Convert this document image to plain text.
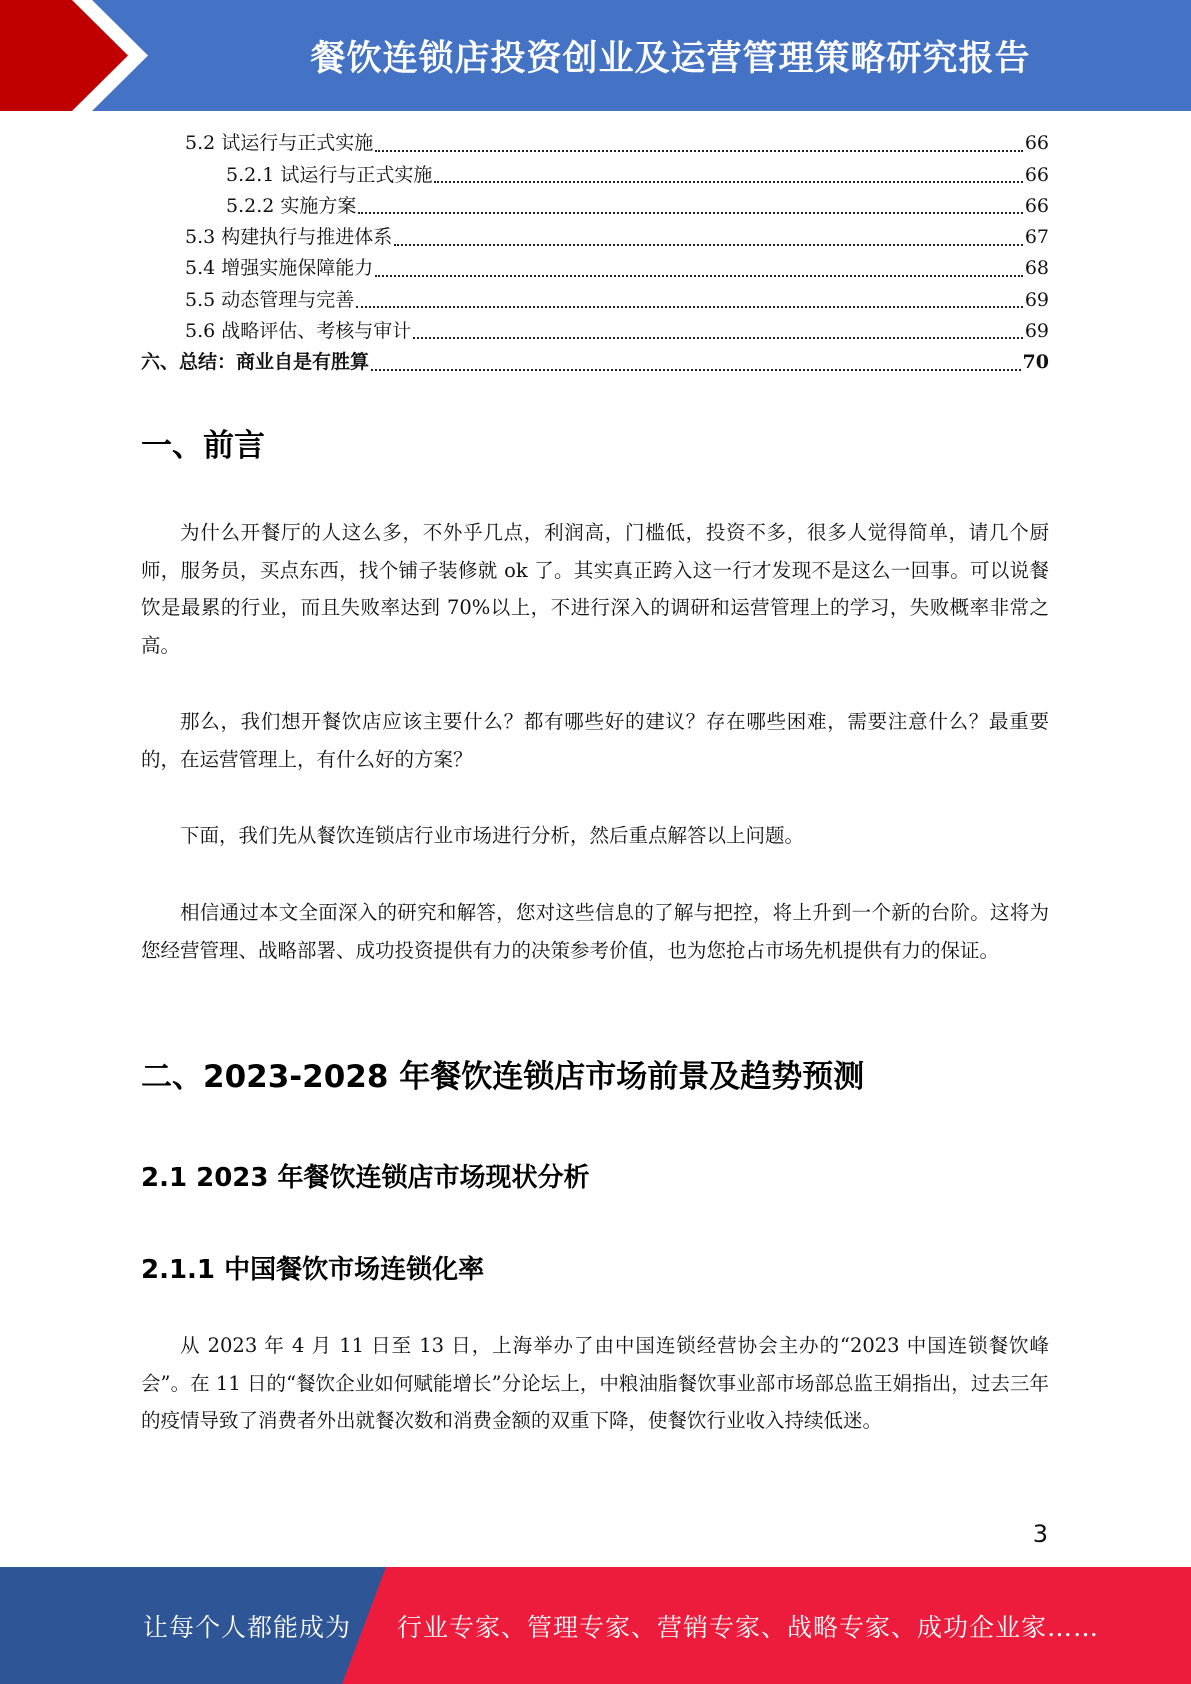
餐饮连锁店投资创业及运营管理策略研究报告
5.2 试运行与正式实施	66
5.2.1 试运行与正式实施	66
5.2.2 实施方案	66
5.3 构建执行与推进体系	67
5.4 增强实施保障能力	68
5.5 动态管理与完善	69
5.6 战略评估、考核与审计	69
六、总结：商业自是有胜算	70
一、前言
为什么开餐厅的人这么多，不外乎几点，利润高，门槛低，投资不多，很多人觉得简单，请几个厨师，服务员，买点东西，找个铺子装修就 ok 了。其实真正跨入这一行才发现不是这么一回事。可以说餐饮是最累的行业，而且失败率达到 70%以上，不进行深入的调研和运营管理上的学习，失败概率非常之高。
那么，我们想开餐饮店应该主要什么？都有哪些好的建议？存在哪些困难，需要注意什么？最重要的，在运营管理上，有什么好的方案？
下面，我们先从餐饮连锁店行业市场进行分析，然后重点解答以上问题。
相信通过本文全面深入的研究和解答，您对这些信息的了解与把控，将上升到一个新的台阶。这将为您经营管理、战略部署、成功投资提供有力的决策参考价值，也为您抢占市场先机提供有力的保证。
二、2023-2028 年餐饮连锁店市场前景及趋势预测
2.1 2023 年餐饮连锁店市场现状分析
2.1.1 中国餐饮市场连锁化率
从 2023 年 4 月 11 日至 13 日，上海举办了由中国连锁经营协会主办的“2023 中国连锁餐饮峰会”。在 11 日的“餐饮企业如何赋能增长”分论坛上，中粮油脂餐饮事业部市场部总监王娟指出，过去三年的疫情导致了消费者外出就餐次数和消费金额的双重下降，使餐饮行业收入持续低迷。
3
让每个人都能成为 行业专家、管理专家、营销专家、战略专家、成功企业家……
